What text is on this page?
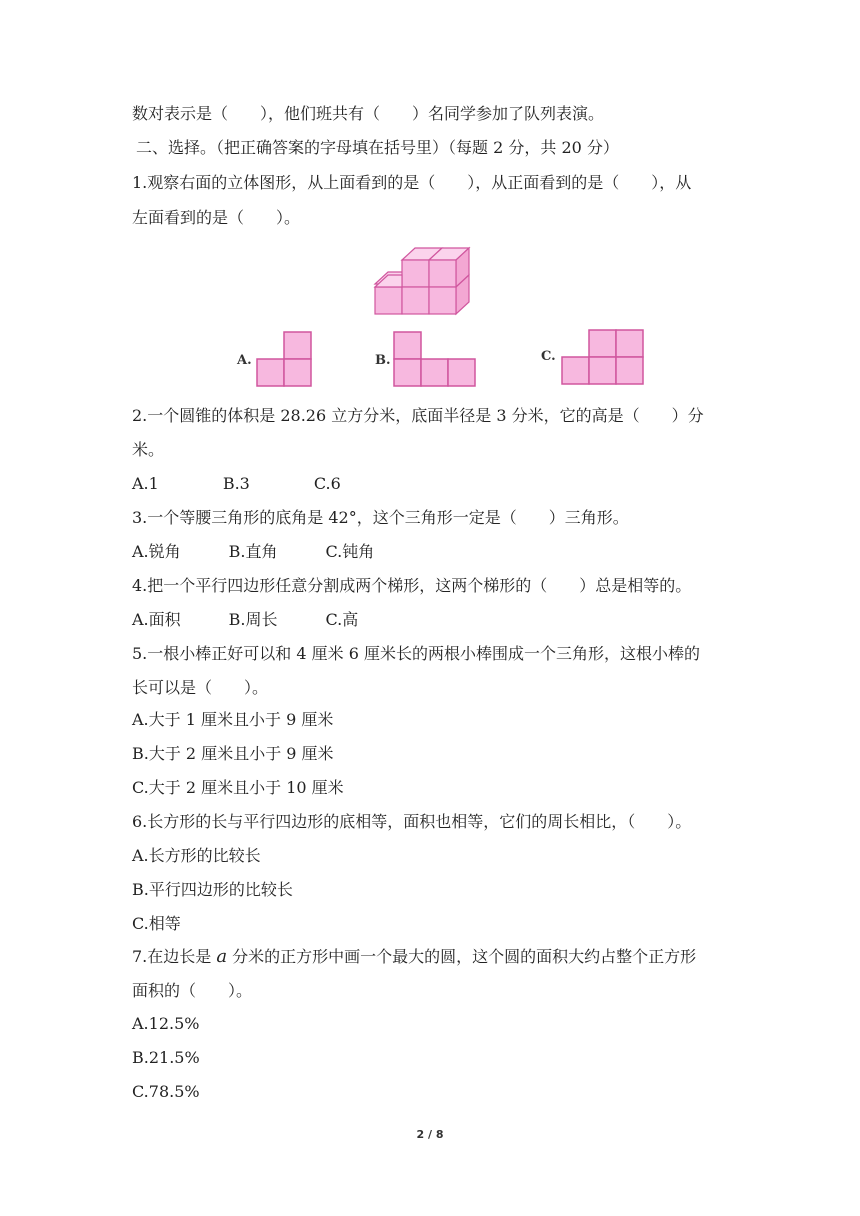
数对表示是（　　），他们班共有（　　）名同学参加了队列表演。
二、选择。（把正确答案的字母填在括号里）（每题 2 分，共 20 分）
1.观察右面的立体图形，从上面看到的是（　　），从正面看到的是（　　），从
左面看到的是（　　）。
A.	B.	C.
2.一个圆锥的体积是 28.26 立方分米，底面半径是 3 分米，它的高是（　　）分
米。
A.1　　　　B.3　　　　C.6
3.一个等腰三角形的底角是 42°，这个三角形一定是（　　）三角形。
A.锐角　　　B.直角　　　C.钝角
4.把一个平行四边形任意分割成两个梯形，这两个梯形的（　　）总是相等的。
A.面积　　　B.周长　　　C.高
5.一根小棒正好可以和 4 厘米 6 厘米长的两根小棒围成一个三角形，这根小棒的
长可以是（　　）。
A.大于 1 厘米且小于 9 厘米
B.大于 2 厘米且小于 9 厘米
C.大于 2 厘米且小于 10 厘米
6.长方形的长与平行四边形的底相等，面积也相等，它们的周长相比，（　　）。
A.长方形的比较长
B.平行四边形的比较长
C.相等
7.在边长是 a 分米的正方形中画一个最大的圆，这个圆的面积大约占整个正方形
面积的（　　）。
A.12.5%
B.21.5%
C.78.5%
2 / 8
